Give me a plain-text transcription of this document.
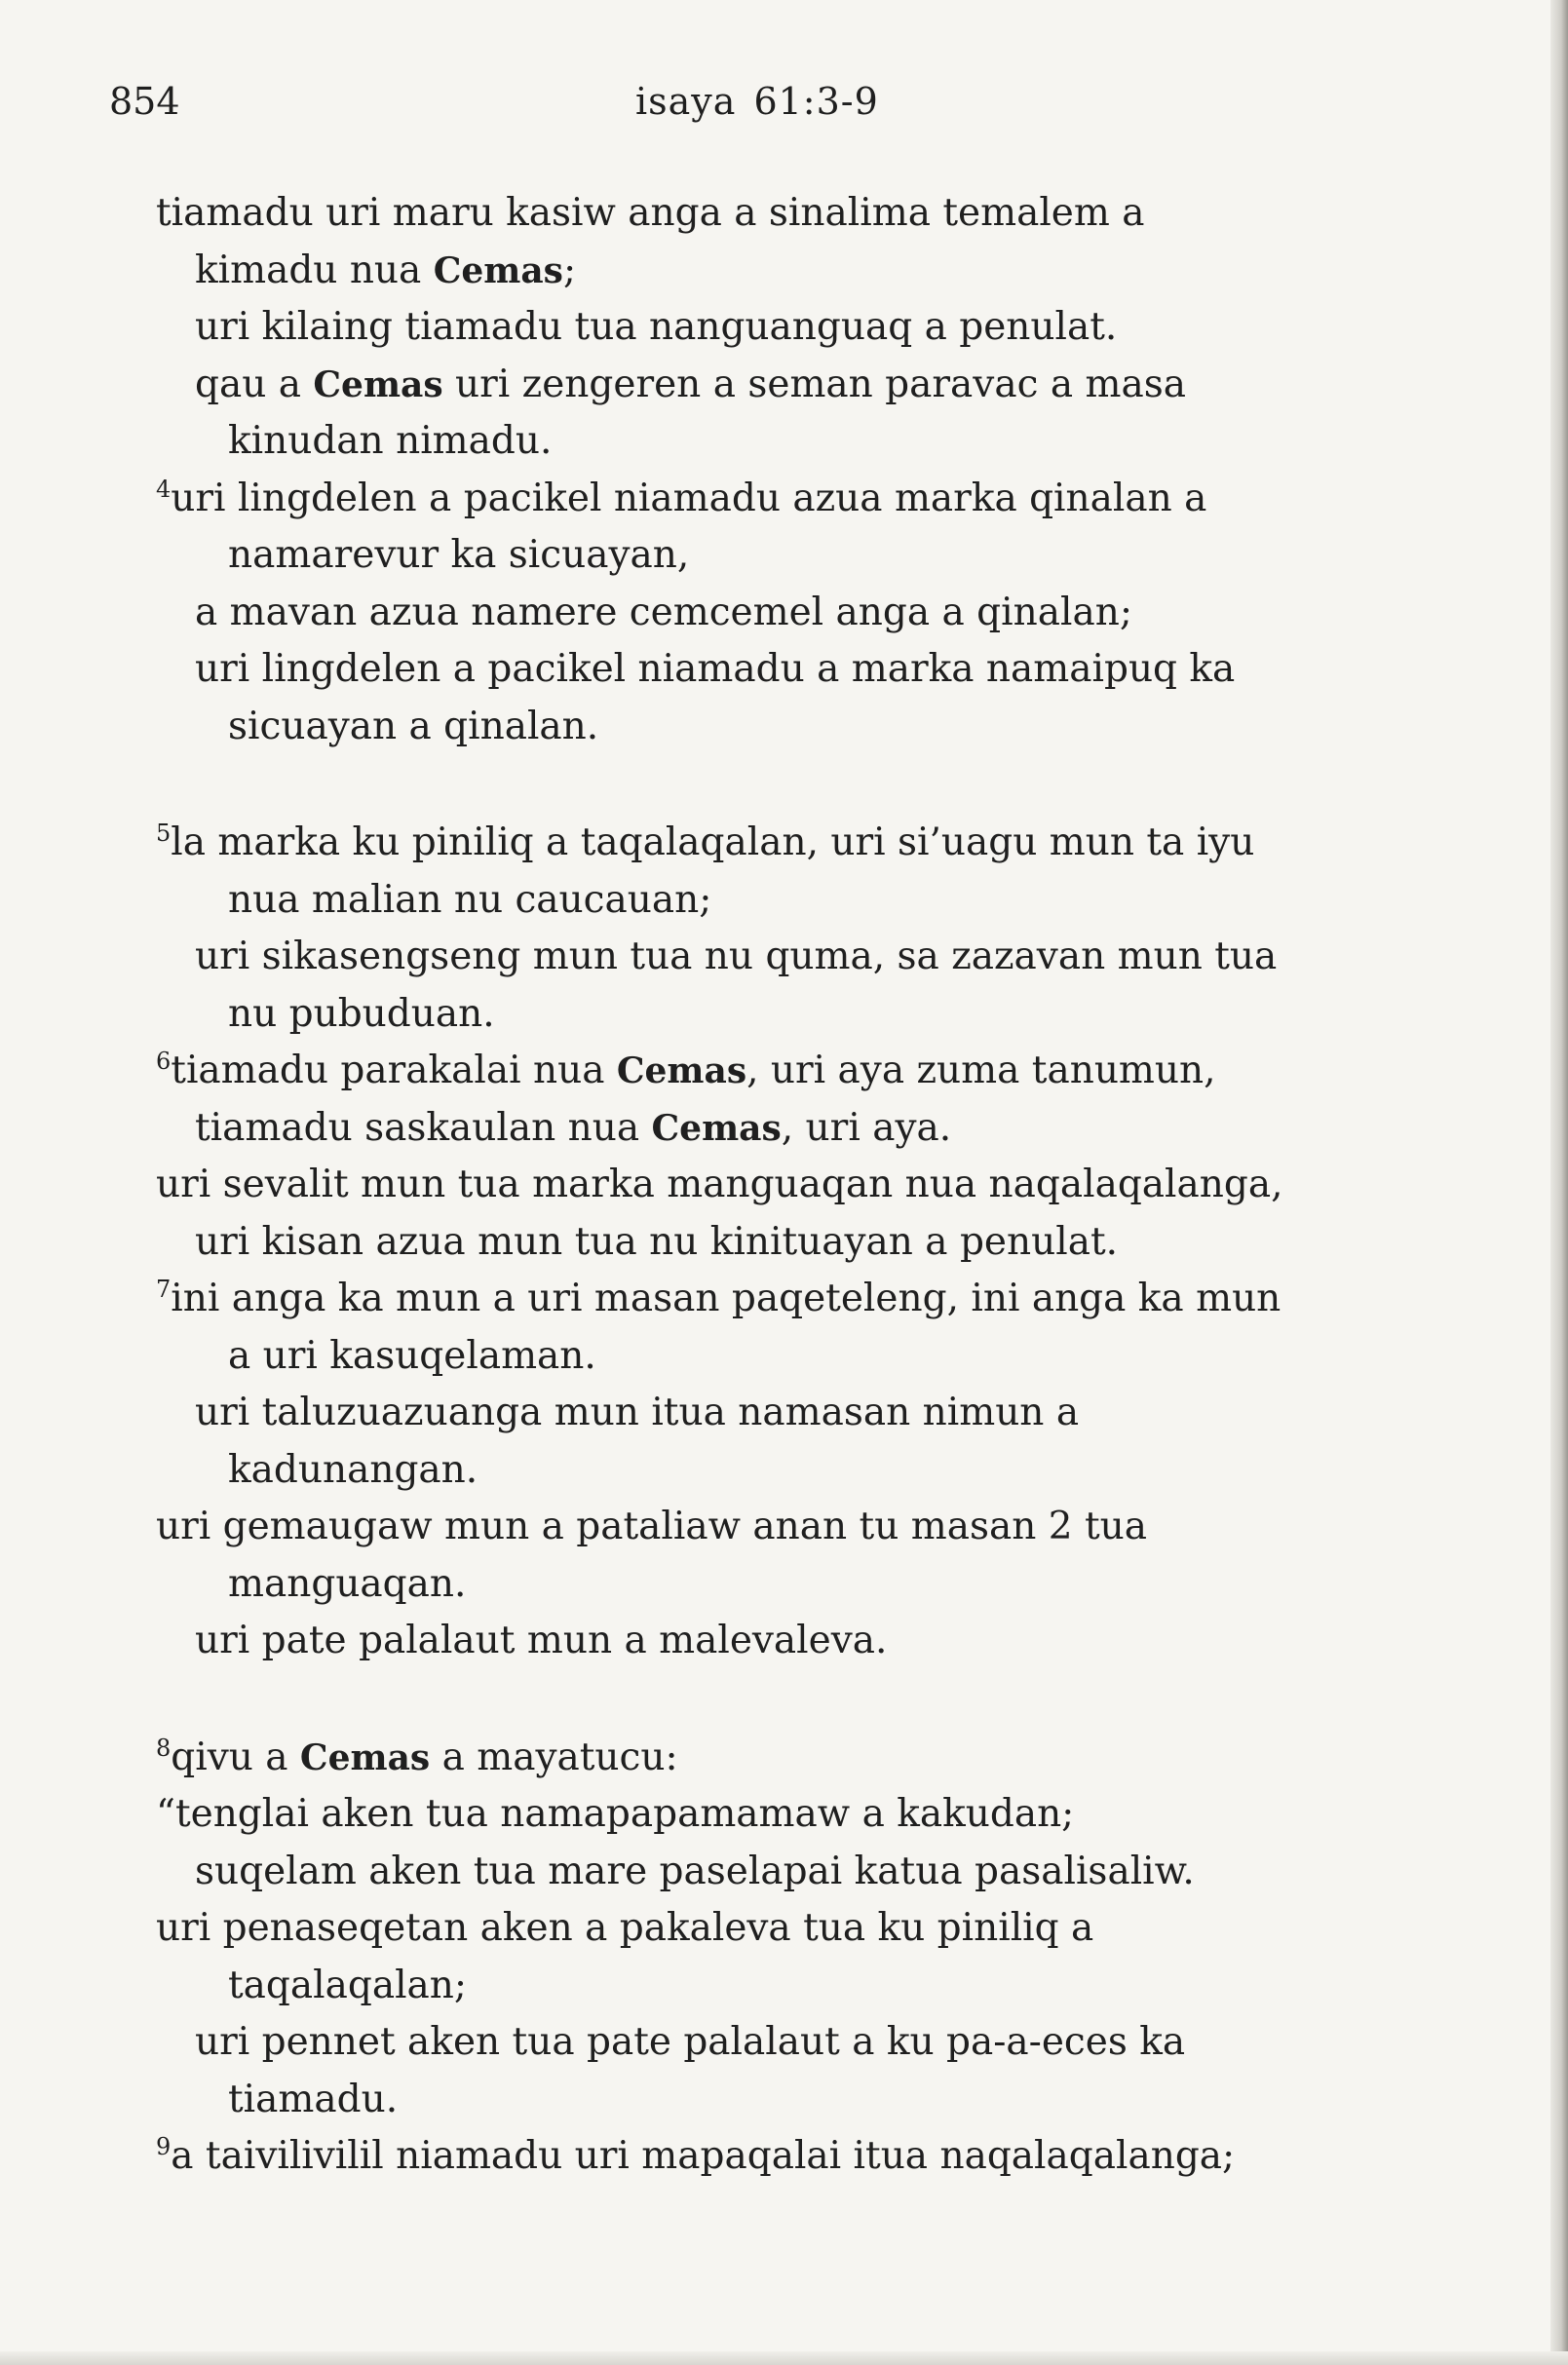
854	isaya 61:3-9
tiamadu uri maru kasiw anga a sinalima temalem a
kimadu nua Cemas;
uri kilaing tiamadu tua nanguanguaq a penulat.
qau a Cemas uri zengeren a seman paravac a masa
kinudan nimadu.
$^4$uri lingdelen a pacikel niamadu azua marka qinalan a
namarevur ka sicuayan,
a mavan azua namere cemcemel anga a qinalan;
uri lingdelen a pacikel niamadu a marka namaipuq ka
sicuayan a qinalan.
$^5$la marka ku piniliq a taqalaqalan, uri si’uagu mun ta iyu
nua malian nu caucauan;
uri sikasengseng mun tua nu quma, sa zazavan mun tua
nu pubuduan.
$^6$tiamadu parakalai nua Cemas, uri aya zuma tanumun,
tiamadu saskaulan nua Cemas, uri aya.
uri sevalit mun tua marka manguaqan nua naqalaqalanga,
uri kisan azua mun tua nu kinituayan a penulat.
$^7$ini anga ka mun a uri masan paqeteleng, ini anga ka mun
a uri kasuqelaman.
uri taluzuazuanga mun itua namasan nimun a
kadunangan.
uri gemaugaw mun a pataliaw anan tu masan 2 tua
manguaqan.
uri pate palalaut mun a malevaleva.
$^8$qivu a Cemas a mayatucu:
“tenglai aken tua namapapamamaw a kakudan;
suqelam aken tua mare paselapai katua pasalisaliw.
uri penaseqetan aken a pakaleva tua ku piniliq a
taqalaqalan;
uri pennet aken tua pate palalaut a ku pa-a-eces ka
tiamadu.
$^9$a taivilivilil niamadu uri mapaqalai itua naqalaqalanga;
